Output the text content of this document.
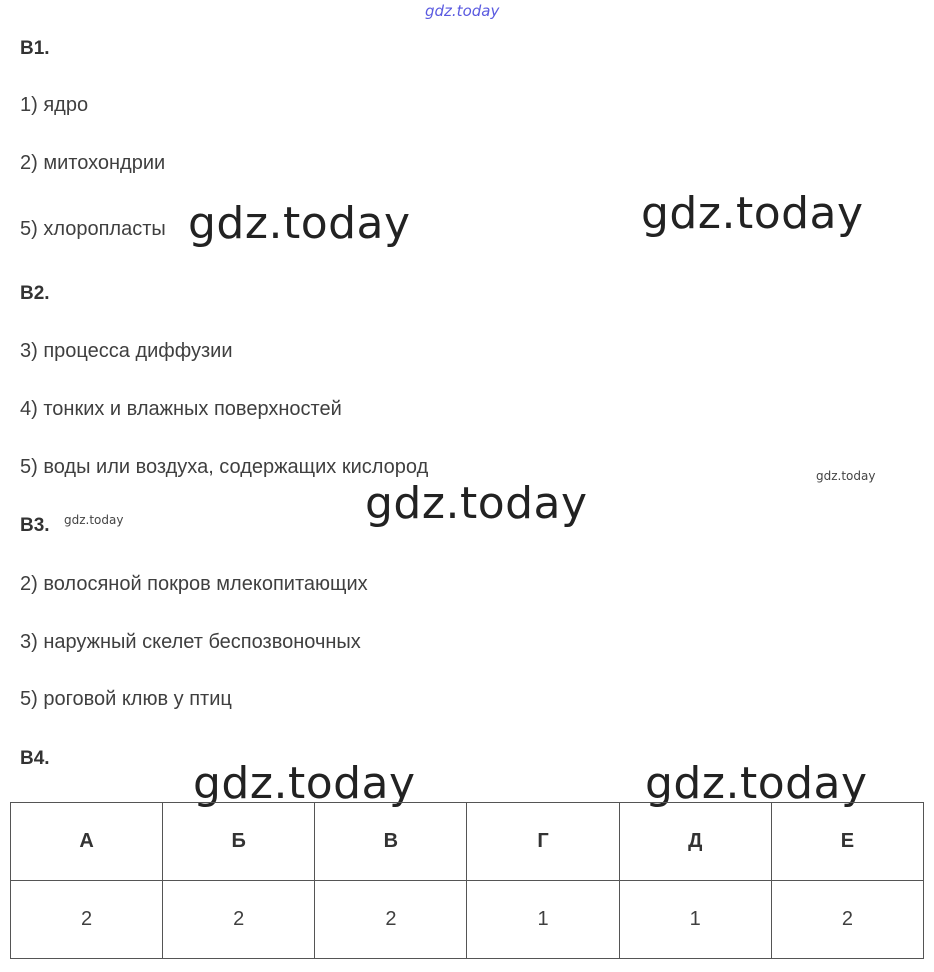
gdz.today
В1.
1) ядро
2) митохондрии
5) хлоропласты gdz.today	gdz.today
В2.
3) процесса диффузии
4) тонких и влажных поверхностей
5) воды или воздуха, содержащих кислород	gdz.today
gdz.today
В3. gdz.today
2) волосяной покров млекопитающих
3) наружный скелет беспозвоночных
5) роговой клюв у птиц
В4.	gdz.today	gdz.today
А	Б	В	Г	Д	Е
2	2	2	1	1	2
